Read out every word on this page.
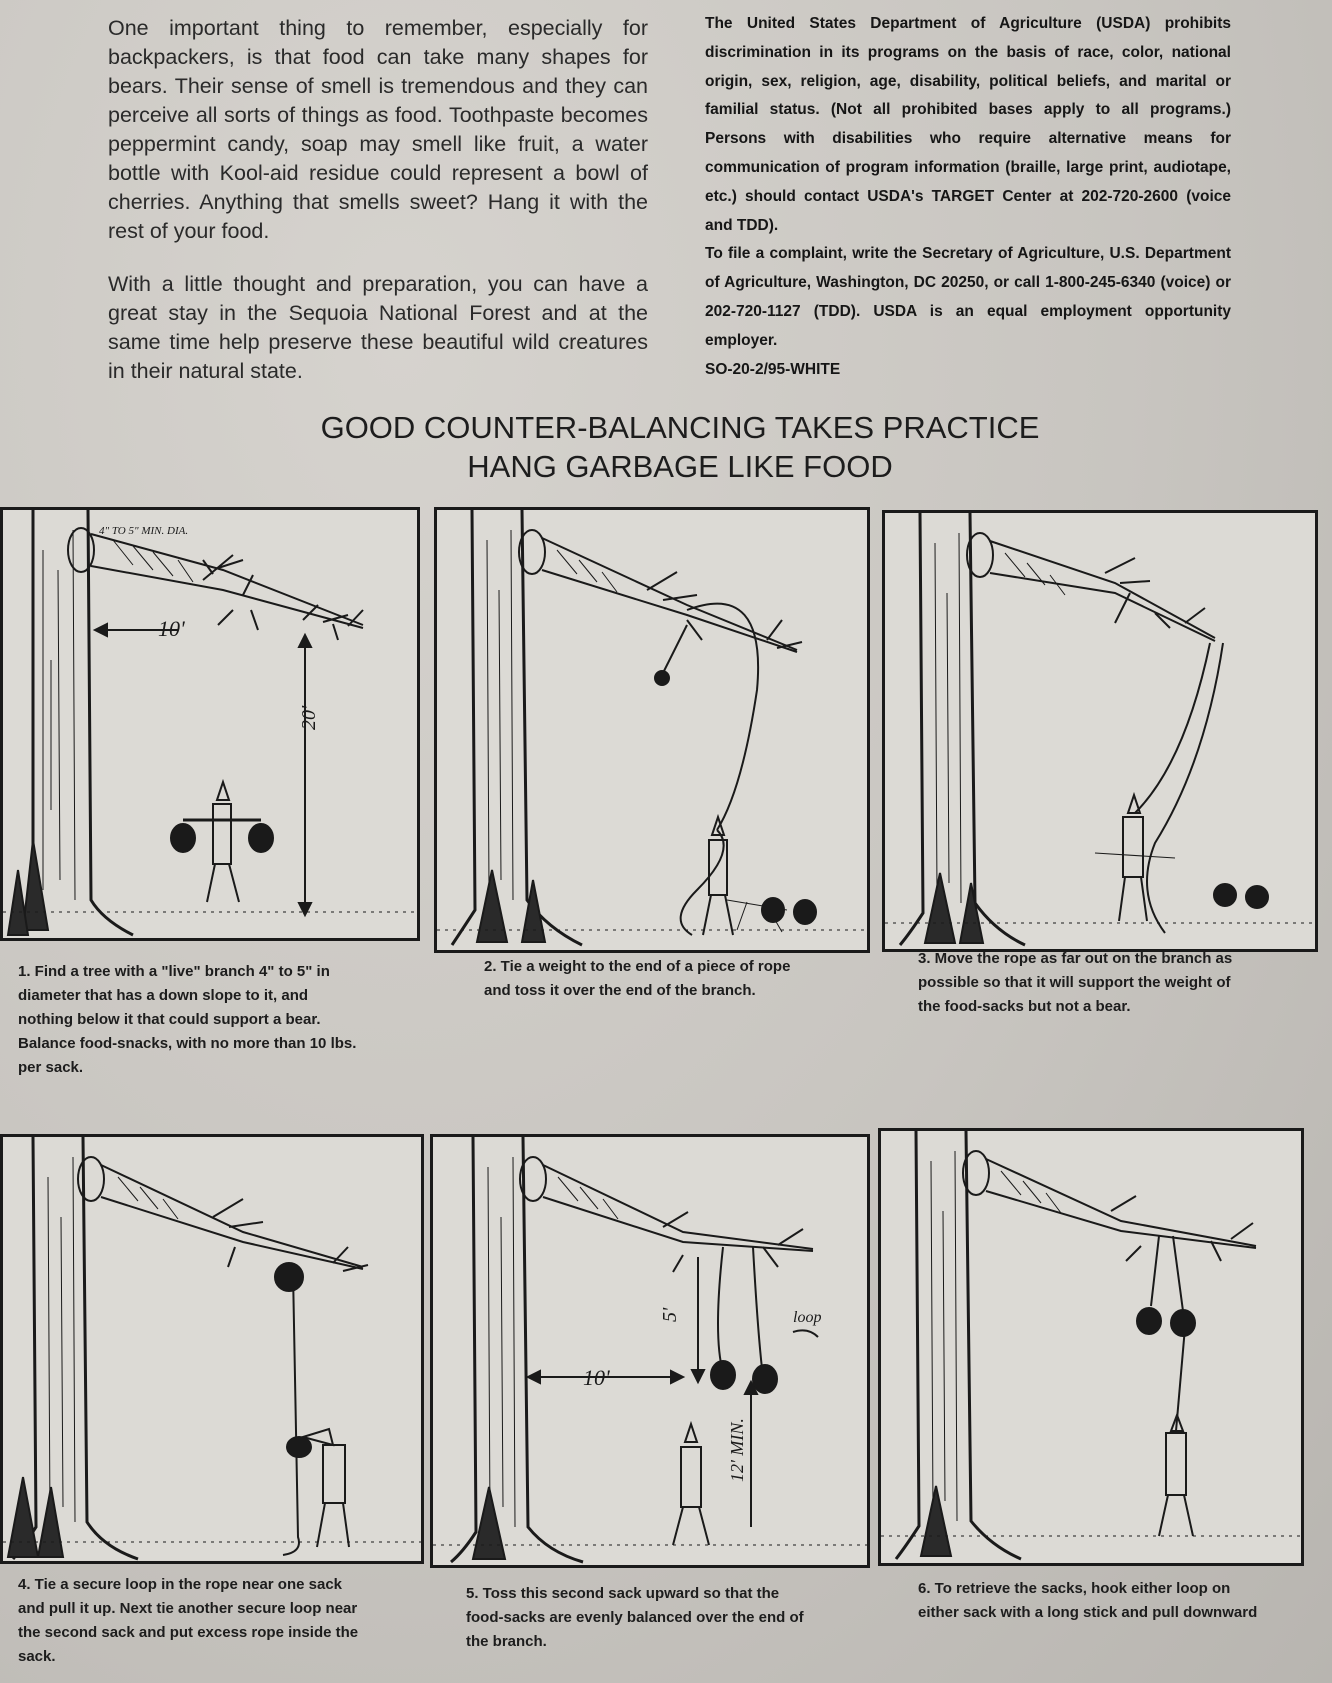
One important thing to remember, especially for backpackers, is that food can take many shapes for bears. Their sense of smell is tremendous and they can perceive all sorts of things as food. Toothpaste becomes peppermint candy, soap may smell like fruit, a water bottle with Kool-aid residue could represent a bowl of cherries. Anything that smells sweet? Hang it with the rest of your food.

With a little thought and preparation, you can have a great stay in the Sequoia National Forest and at the same time help preserve these beautiful wild creatures in their natural state.

The United States Department of Agriculture (USDA) prohibits discrimination in its programs on the basis of race, color, national origin, sex, religion, age, disability, political beliefs, and marital or familial status. (Not all prohibited bases apply to all programs.) Persons with disabilities who require alternative means for communication of program information (braille, large print, audiotape, etc.) should contact USDA's TARGET Center at 202-720-2600 (voice and TDD).

To file a complaint, write the Secretary of Agriculture, U.S. Department of Agriculture, Washington, DC 20250, or call 1-800-245-6340 (voice) or 202-720-1127 (TDD). USDA is an equal employment opportunity employer.

SO-20-2/95-WHITE

GOOD COUNTER-BALANCING TAKES PRACTICE
HANG GARBAGE LIKE FOOD
4" TO 5" MIN. DIA.
10'
20'
1. Find a tree with a "live" branch 4" to 5" in diameter that has a down slope to it, and nothing below it that could support a bear. Balance food-snacks, with no more than 10 lbs. per sack.
2. Tie a weight to the end of a piece of rope and toss it over the end of the branch.
3. Move the rope as far out on the branch as possible so that it will support the weight of the food-sacks but not a bear.
5'	loop
10'
12' MIN.
4. Tie a secure loop in the rope near one sack and pull it up. Next tie another secure loop near the second sack and put excess rope inside the sack.
5. Toss this second sack upward so that the food-sacks are evenly balanced over the end of the branch.
6. To retrieve the sacks, hook either loop on either sack with a long stick and pull downward
